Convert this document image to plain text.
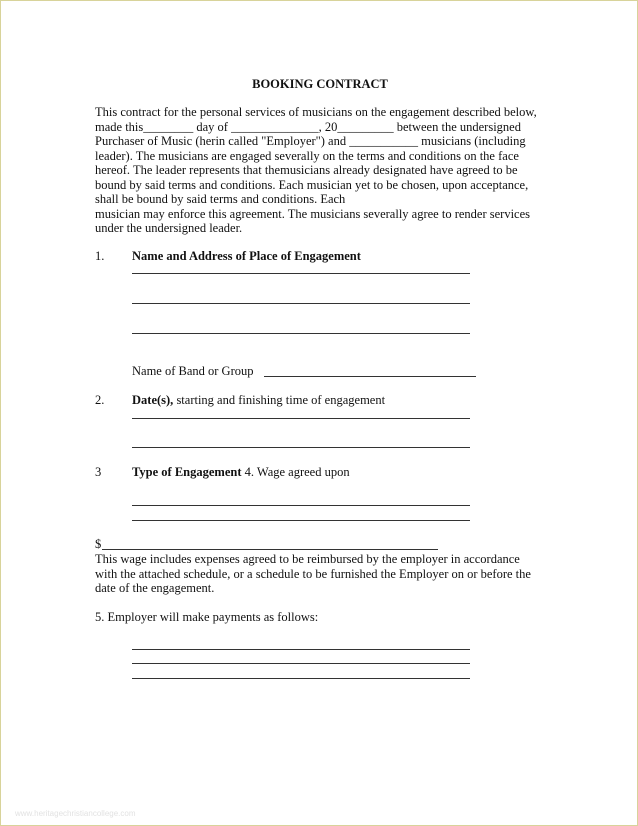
BOOKING CONTRACT
This contract for the personal services of musicians on the engagement described below,
made this________ day of ______________, 20_________ between the undersigned
Purchaser of Music (herin called "Employer") and ___________ musicians (including
leader). The musicians are engaged severally on the terms and conditions on the face
hereof. The leader represents that themusicians already designated have agreed to be
bound by said terms and conditions. Each musician yet to be chosen, upon acceptance,
shall be bound by said terms and conditions. Each
musician may enforce this agreement. The musicians severally agree to render services
under the undersigned leader.
1. Name and Address of Place of Engagement
Name of Band or Group
2. Date(s), starting and finishing time of engagement
3 Type of Engagement 4. Wage agreed upon
$
This wage includes expenses agreed to be reimbursed by the employer in accordance
with the attached schedule, or a schedule to be furnished the Employer on or before the
date of the engagement.
5. Employer will make payments as follows:
www.heritagechristiancollege.com
